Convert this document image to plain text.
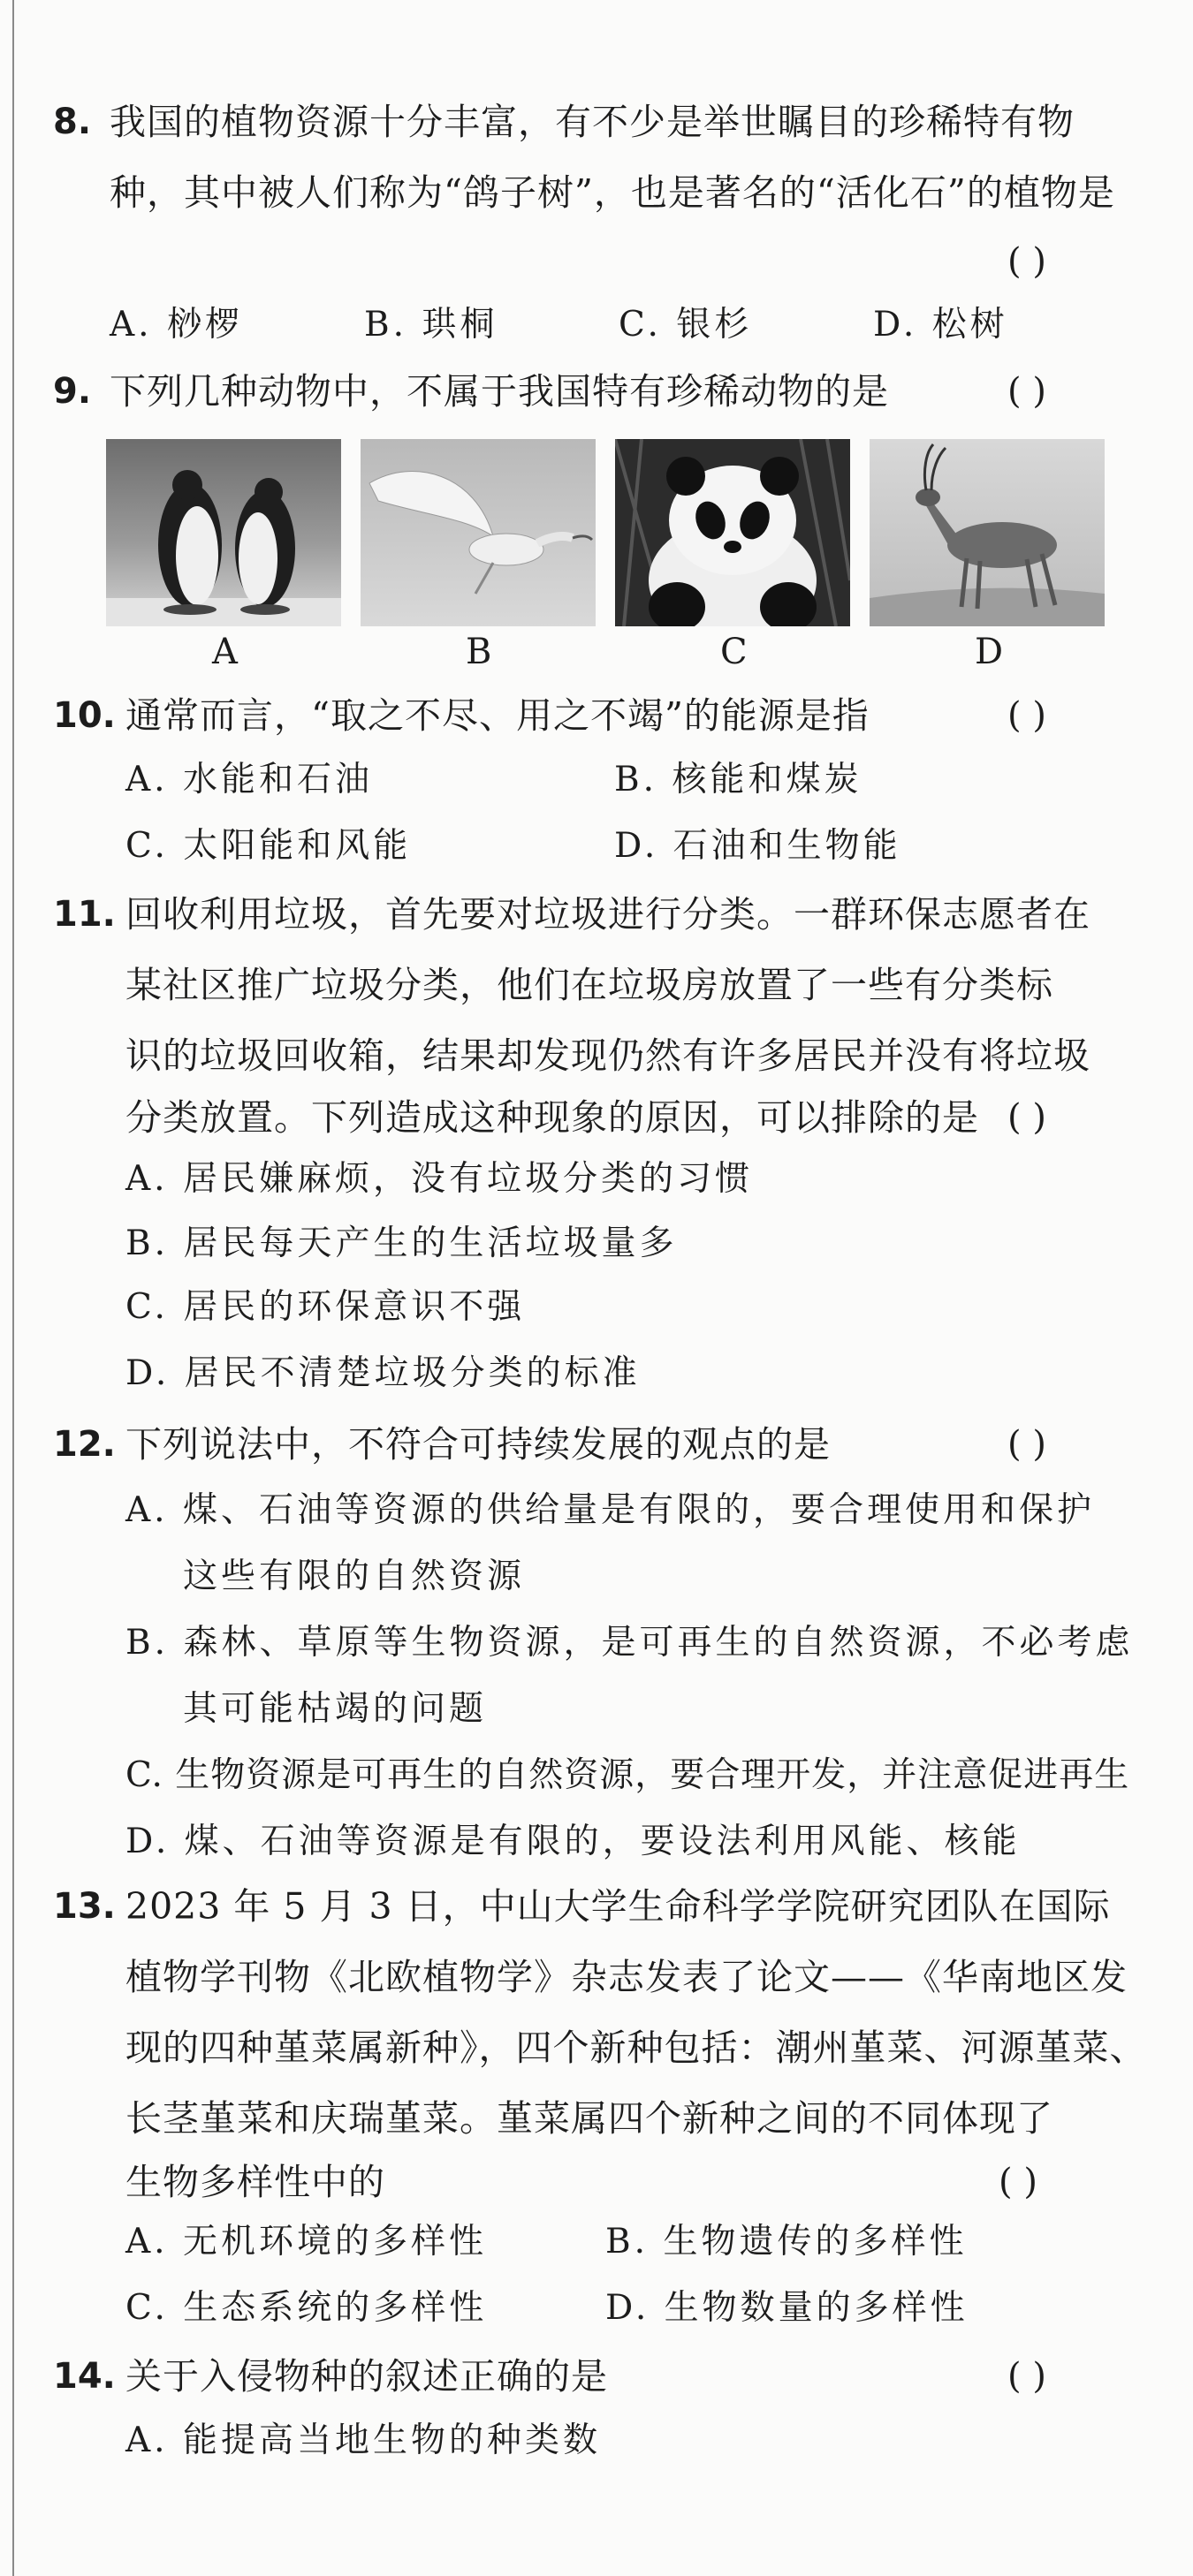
8. 我国的植物资源十分丰富，有不少是举世瞩目的珍稀特有物
种，其中被人们称为“鸽子树”，也是著名的“活化石”的植物是
( )
A. 桫椤	B. 珙桐	C. 银杉	D. 松树
9. 下列几种动物中，不属于我国特有珍稀动物的是	( )
A	B	C	D
10. 通常而言，“取之不尽、用之不竭”的能源是指	( )
A. 水能和石油	B. 核能和煤炭
C. 太阳能和风能	D. 石油和生物能
11. 回收利用垃圾，首先要对垃圾进行分类。一群环保志愿者在
某社区推广垃圾分类，他们在垃圾房放置了一些有分类标
识的垃圾回收箱，结果却发现仍然有许多居民并没有将垃圾
分类放置。下列造成这种现象的原因，可以排除的是 ( )
A. 居民嫌麻烦，没有垃圾分类的习惯
B. 居民每天产生的生活垃圾量多
C. 居民的环保意识不强
D. 居民不清楚垃圾分类的标准
12. 下列说法中，不符合可持续发展的观点的是	( )
A. 煤、石油等资源的供给量是有限的，要合理使用和保护
这些有限的自然资源
B. 森林、草原等生物资源，是可再生的自然资源，不必考虑
其可能枯竭的问题
C. 生物资源是可再生的自然资源，要合理开发，并注意促进再生
D. 煤、石油等资源是有限的，要设法利用风能、核能
13. 2023 年 5 月 3 日，中山大学生命科学学院研究团队在国际
植物学刊物《北欧植物学》杂志发表了论文——《华南地区发
现的四种堇菜属新种》，四个新种包括：潮州堇菜、河源堇菜、
长茎堇菜和庆瑞堇菜。堇菜属四个新种之间的不同体现了
生物多样性中的	( )
A. 无机环境的多样性	B. 生物遗传的多样性
C. 生态系统的多样性	D. 生物数量的多样性
14. 关于入侵物种的叙述正确的是	( )
A. 能提高当地生物的种类数
